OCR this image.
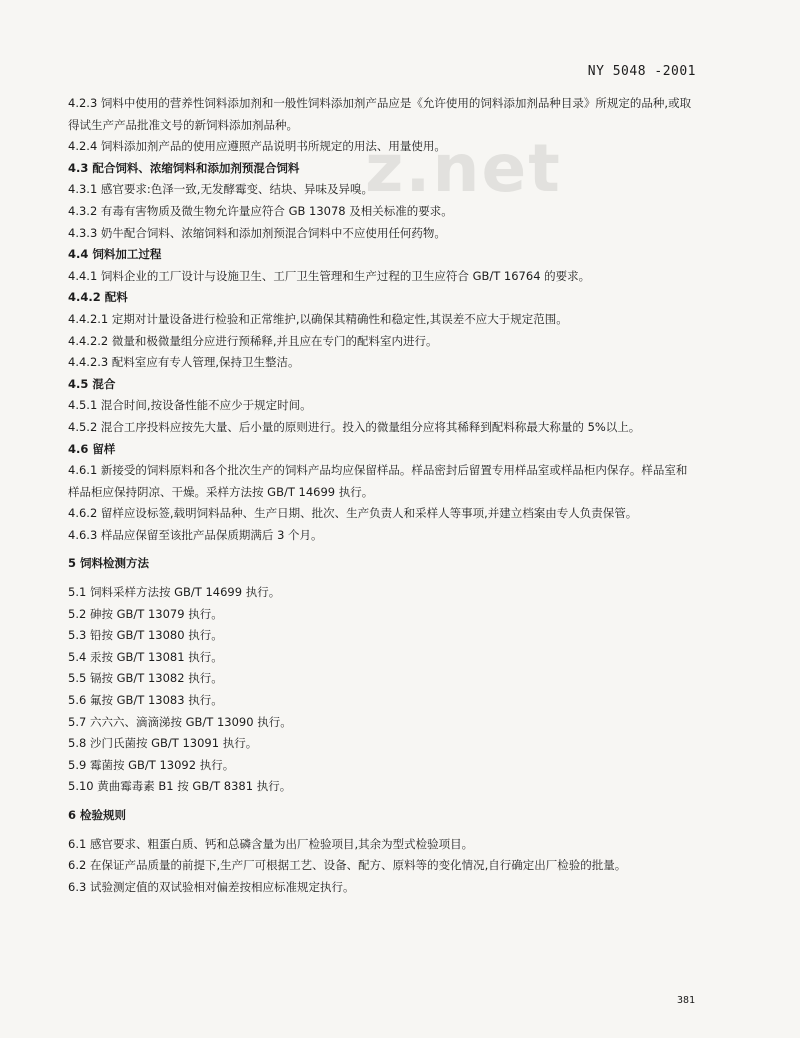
NY 5048 -2001
z.net
4.2.3 饲料中使用的营养性饲料添加剂和一般性饲料添加剂产品应是《允许使用的饲料添加剂品种目录》所规定的品种,或取得试生产产品批准文号的新饲料添加剂品种。
4.2.4 饲料添加剂产品的使用应遵照产品说明书所规定的用法、用量使用。
4.3 配合饲料、浓缩饲料和添加剂预混合饲料
4.3.1 感官要求:色泽一致,无发酵霉变、结块、异味及异嗅。
4.3.2 有毒有害物质及微生物允许量应符合 GB 13078 及相关标准的要求。
4.3.3 奶牛配合饲料、浓缩饲料和添加剂预混合饲料中不应使用任何药物。
4.4 饲料加工过程
4.4.1 饲料企业的工厂设计与设施卫生、工厂卫生管理和生产过程的卫生应符合 GB/T 16764 的要求。
4.4.2 配料
4.4.2.1 定期对计量设备进行检验和正常维护,以确保其精确性和稳定性,其误差不应大于规定范围。
4.4.2.2 微量和极微量组分应进行预稀释,并且应在专门的配料室内进行。
4.4.2.3 配料室应有专人管理,保持卫生整洁。
4.5 混合
4.5.1 混合时间,按设备性能不应少于规定时间。
4.5.2 混合工序投料应按先大量、后小量的原则进行。投入的微量组分应将其稀释到配料称最大称量的 5%以上。
4.6 留样
4.6.1 新接受的饲料原料和各个批次生产的饲料产品均应保留样品。样品密封后留置专用样品室或样品柜内保存。样品室和样品柜应保持阴凉、干燥。采样方法按 GB/T 14699 执行。
4.6.2 留样应设标签,载明饲料品种、生产日期、批次、生产负责人和采样人等事项,并建立档案由专人负责保管。
4.6.3 样品应保留至该批产品保质期满后 3 个月。
5 饲料检测方法
5.1 饲料采样方法按 GB/T 14699 执行。
5.2 砷按 GB/T 13079 执行。
5.3 铅按 GB/T 13080 执行。
5.4 汞按 GB/T 13081 执行。
5.5 镉按 GB/T 13082 执行。
5.6 氟按 GB/T 13083 执行。
5.7 六六六、滴滴涕按 GB/T 13090 执行。
5.8 沙门氏菌按 GB/T 13091 执行。
5.9 霉菌按 GB/T 13092 执行。
5.10 黄曲霉毒素 B1 按 GB/T 8381 执行。
6 检验规则
6.1 感官要求、粗蛋白质、钙和总磷含量为出厂检验项目,其余为型式检验项目。
6.2 在保证产品质量的前提下,生产厂可根据工艺、设备、配方、原料等的变化情况,自行确定出厂检验的批量。
6.3 试验测定值的双试验相对偏差按相应标准规定执行。
381
